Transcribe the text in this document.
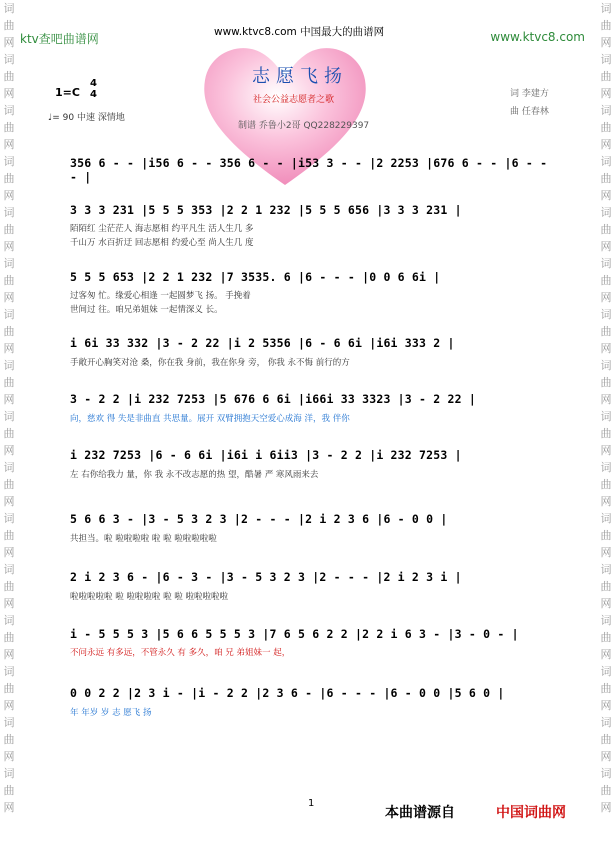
词
曲
网
词
曲
网
词
曲
网
词
曲
网
词
曲
网
词
曲
网
词
曲
网
词
曲
网
词
曲
网
词
曲
网
词
曲
网
词
曲
网
词
曲
网
词
曲
网
词
曲
网
词
曲
网
词
曲
网
词
曲
网
词
曲
网
词
曲
网
词
曲
网
词
曲
网
词
曲
网
词
曲
网
词
曲
网
词
曲
网
词
曲
网
词
曲
网
词
曲
网
词
曲
网
词
曲
网
词
曲
网
ktv查吧曲谱网	www.ktvc8.com 中国最大的曲谱网	www.ktvc8.com
志愿飞扬
社会公益志愿者之歌
制谱 乔鲁小2哥 QQ228229397
1=C
4
4
♩= 90 中速 深情地
词 李建方
曲 任春林
356 6 - - |i56 6 - - 356 6 - - |i53 3 - - |2 2253 |676 6 - - |6 - - - |
3 3 3 231 |5 5 5 353 |2 2 1 232 |5 5 5 656 |3 3 3 231 |
陌陌红 尘茫茫人 海志愿相 约平凡生 活人生几 多
千山万 水百折迂 回志愿相 约爱心至 尚人生几 度
5 5 5 653 |2 2 1 232 |7 3535. 6 |6 - - - |0 0 6 6i |
过客匆 忙。缘爱心相逢 一起圆梦飞 扬。 手挽着
世间过 往。咱兄弟姐妹 一起情深义 长。
i 6i 33 332 |3 - 2 22 |i 2 5356 |6 - 6 6i |i6i 333 2 |
手敞开心胸笑对沧 桑，你在我 身前，我在你身 旁， 你我 永不悔 前行的方
3 - 2 2 |i 232 7253 |5 676 6 6i |i66i 33 3323 |3 - 2 22 |
向，慈欢 得 失是非曲直 共思量。展开 双臂拥抱天空爱心成海 洋，我 伴你
i 232 7253 |6 - 6 6i |i6i i 6ii3 |3 - 2 2 |i 232 7253 |
左 右你给我力 量，你 我 永不改志愿的热 望，酷暑 严 寒风雨来去
5 6 6 3 - |3 - 5 3 2 3 |2 - - - |2 i 2 3 6 |6 - 0 0 |
共担当。啦 啦啦啦啦 啦 啦 啦啦啦啦啦
2 i 2 3 6 - |6 - 3 - |3 - 5 3 2 3 |2 - - - |2 i 2 3 i |
啦啦啦啦啦 啦 啦啦啦啦 啦 啦 啦啦啦啦啦
i - 5 5 5 3 |5 6 6 5 5 5 3 |7 6 5 6 2 2 |2 2 i 6 3 - |3 - 0 - |
不问永远 有多远，不管永久 有 多久，咱 兄 弟姐妹一 起，
0 0 2 2 |2 3 i - |i - 2 2 |2 3 6 - |6 - - - |6 - 0 0 |5 6 0 |
年 年岁 岁 志 愿飞 扬
1
本曲谱源自	中国词曲网
